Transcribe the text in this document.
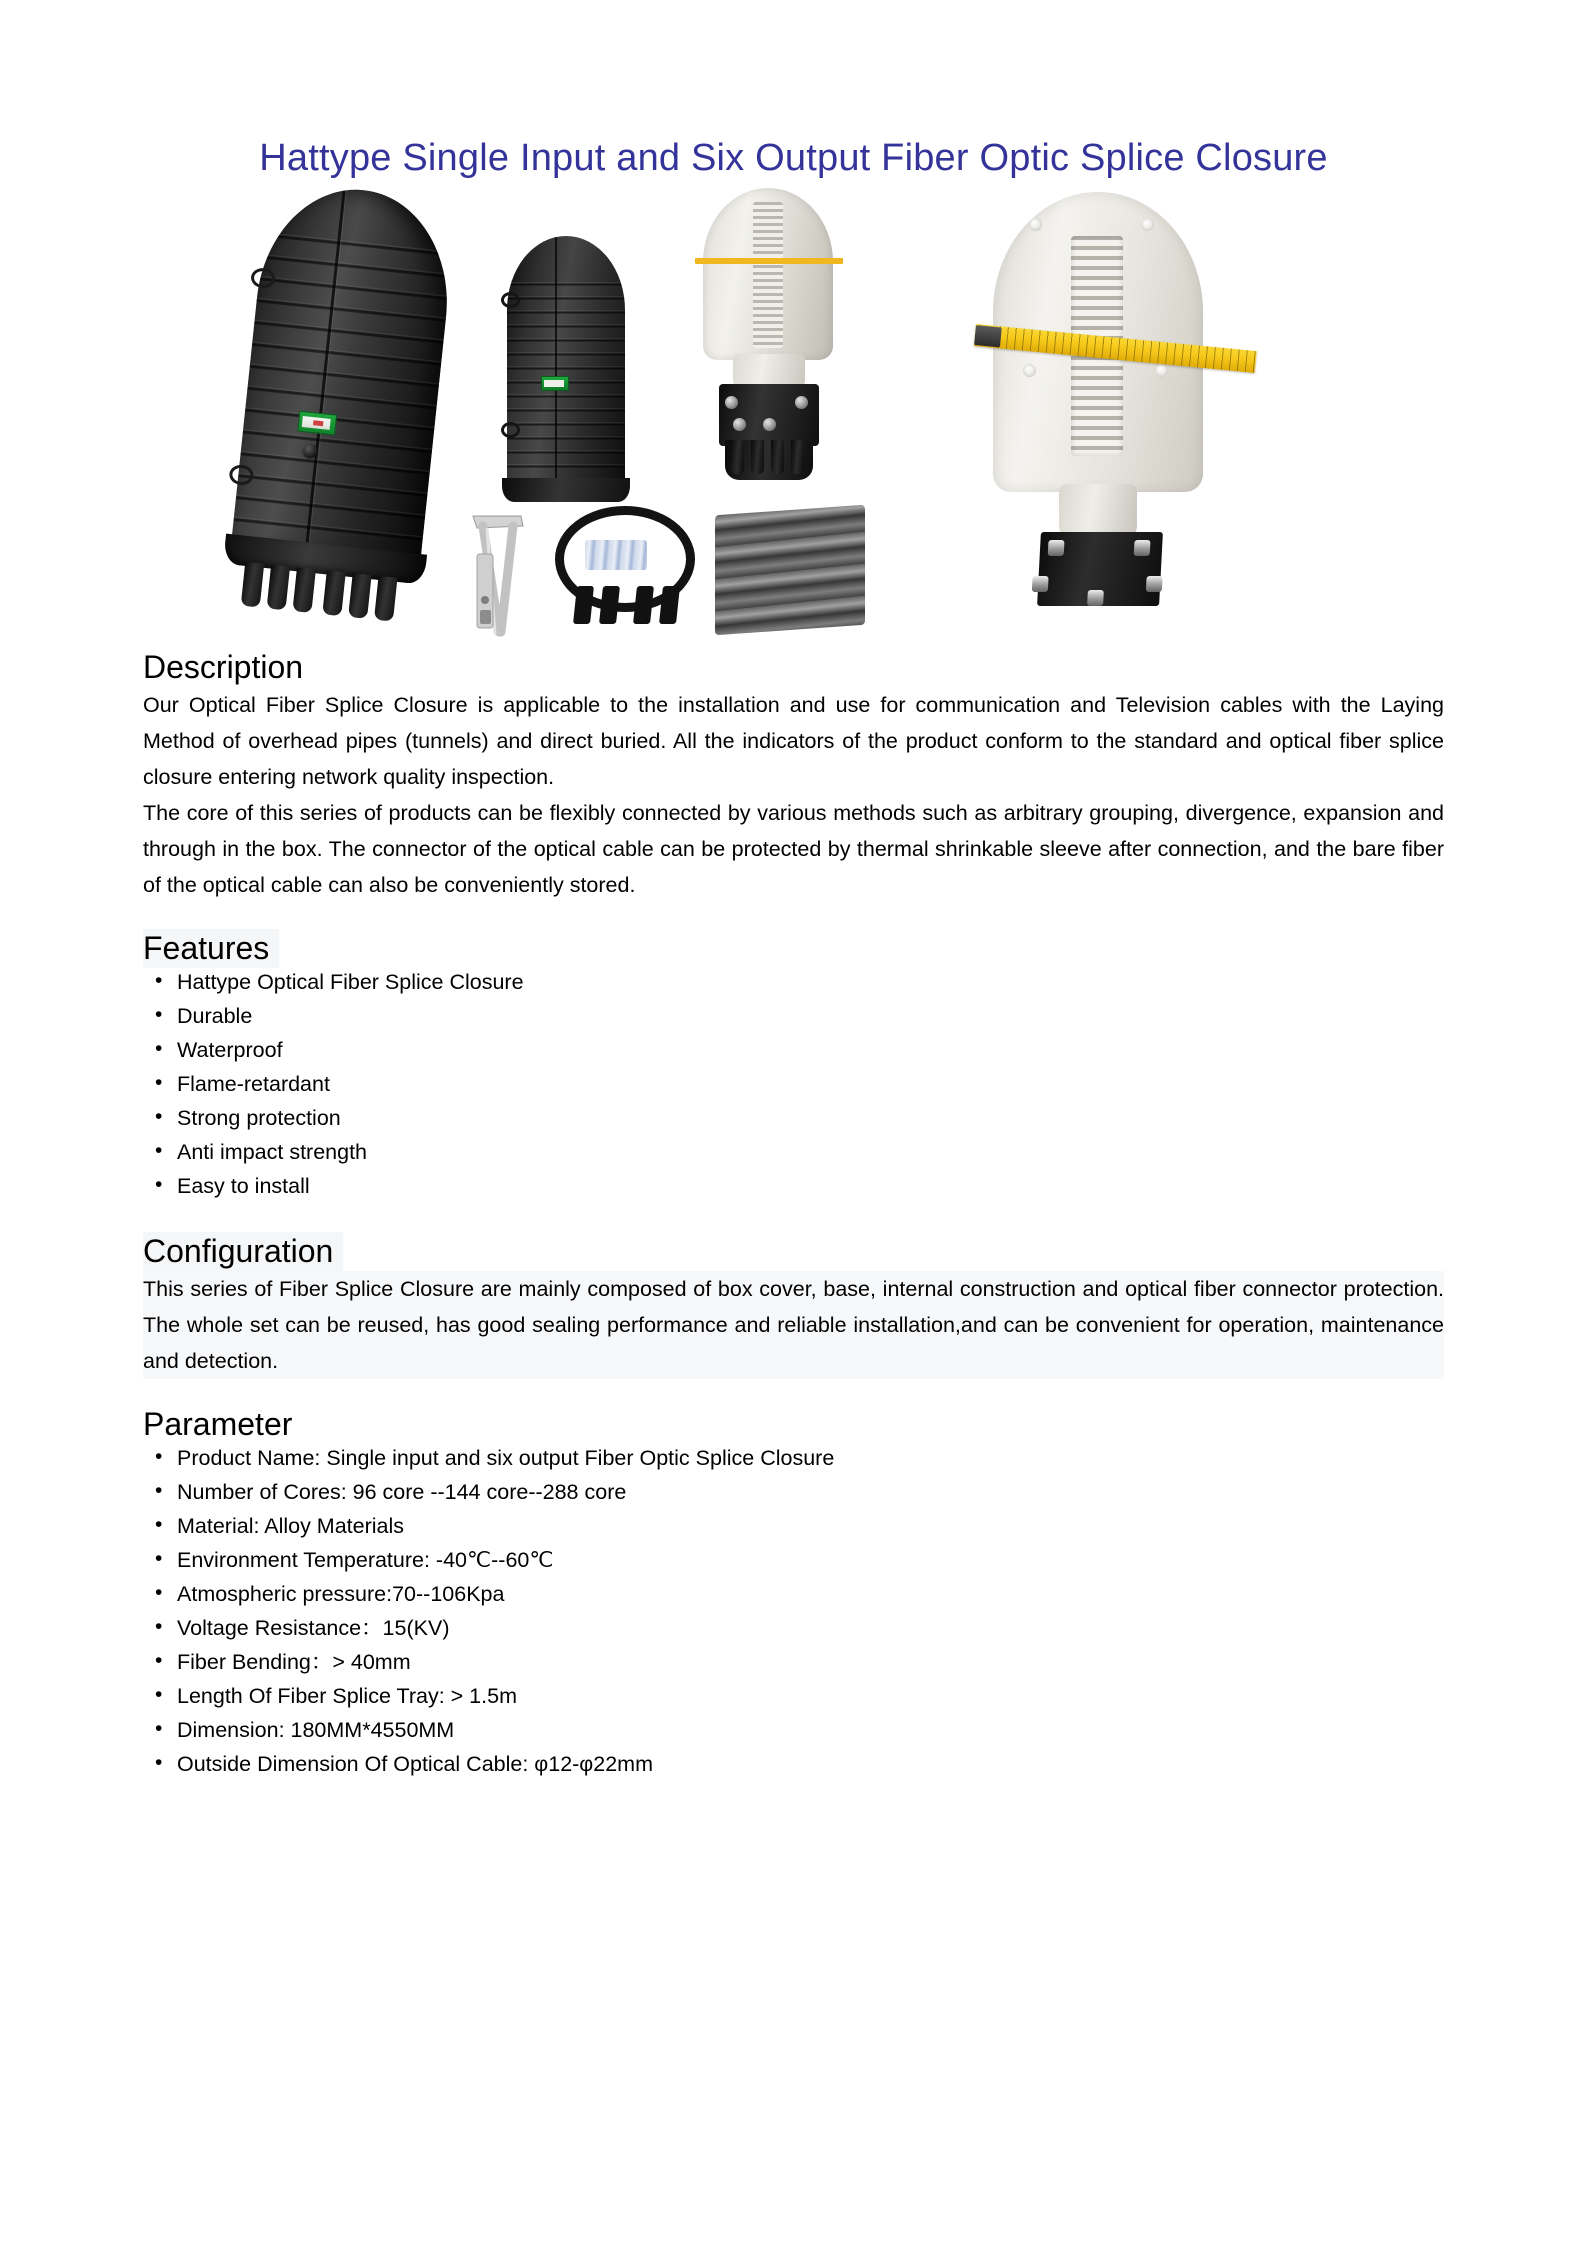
Hattype Single Input and Six Output Fiber Optic Splice Closure
Description

Our Optical Fiber Splice Closure is applicable to the installation and use for communication and Television cables with the Laying Method of overhead pipes (tunnels) and direct buried. All the indicators of the product conform to the standard and optical fiber splice closure entering network quality inspection.

The core of this series of products can be flexibly connected by various methods such as arbitrary grouping, divergence, expansion and through in the box. The connector of the optical cable can be protected by thermal shrinkable sleeve after connection, and the bare fiber of the optical cable can also be conveniently stored.

Features
• Hattype Optical Fiber Splice Closure
• Durable
• Waterproof
• Flame-retardant
• Strong protection
• Anti impact strength
• Easy to install
Configuration

This series of Fiber Splice Closure are mainly composed of box cover, base, internal construction and optical fiber connector protection. The whole set can be reused, has good sealing performance and reliable installation,and can be convenient for operation, maintenance and detection.

Parameter
• Product Name: Single input and six output Fiber Optic Splice Closure
• Number of Cores: 96 core --144 core--288 core
• Material: Alloy Materials
• Environment Temperature: -40℃--60℃
• Atmospheric pressure:70--106Kpa
• Voltage Resistance：15(KV)
• Fiber Bending：> 40mm
• Length Of Fiber Splice Tray: > 1.5m
• Dimension: 180MM*4550MM
• Outside Dimension Of Optical Cable: φ12-φ22mm
